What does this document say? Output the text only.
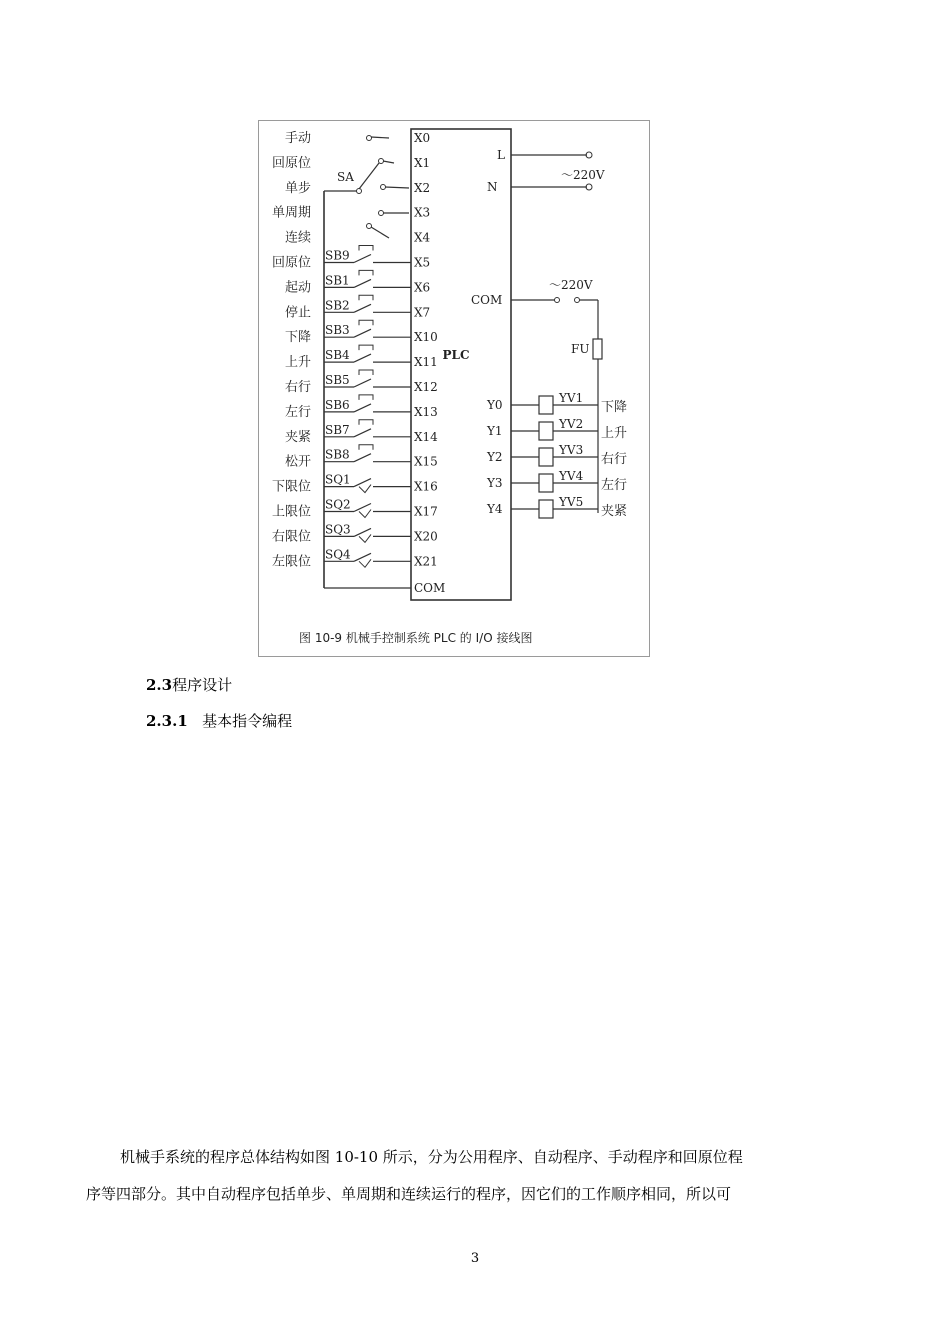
PLC
手动	X0
回原位	X1
单步	X2
单周期	X3
连续	X4
回原位	X5
SB9
起动	X6
SB1
停止	X7
SB2
下降	X10
SB3
上升	X11
SB4
右行	X12
SB5
左行	X13
SB6
夹紧	X14
SB7
松开	X15
SB8
下限位	X16
SQ1
上限位	X17
SQ2
右限位	X20
SQ3
左限位	X21
SQ4
COM
Y0	YV1
下降
Y1	YV2
上升
Y2	YV3
右行
Y3	YV4
左行
Y4	YV5
夹紧
L
N
～220V
COM
～220V
FU
SA
图 10-9 机械手控制系统 PLC 的 I/O 接线图
2.3程序设计
2.3.1 基本指令编程
机械手系统的程序总体结构如图 10-10 所示，分为公用程序、自动程序、手动程序和回原位程
序等四部分。其中自动程序包括单步、单周期和连续运行的程序，因它们的工作顺序相同，所以可
3
